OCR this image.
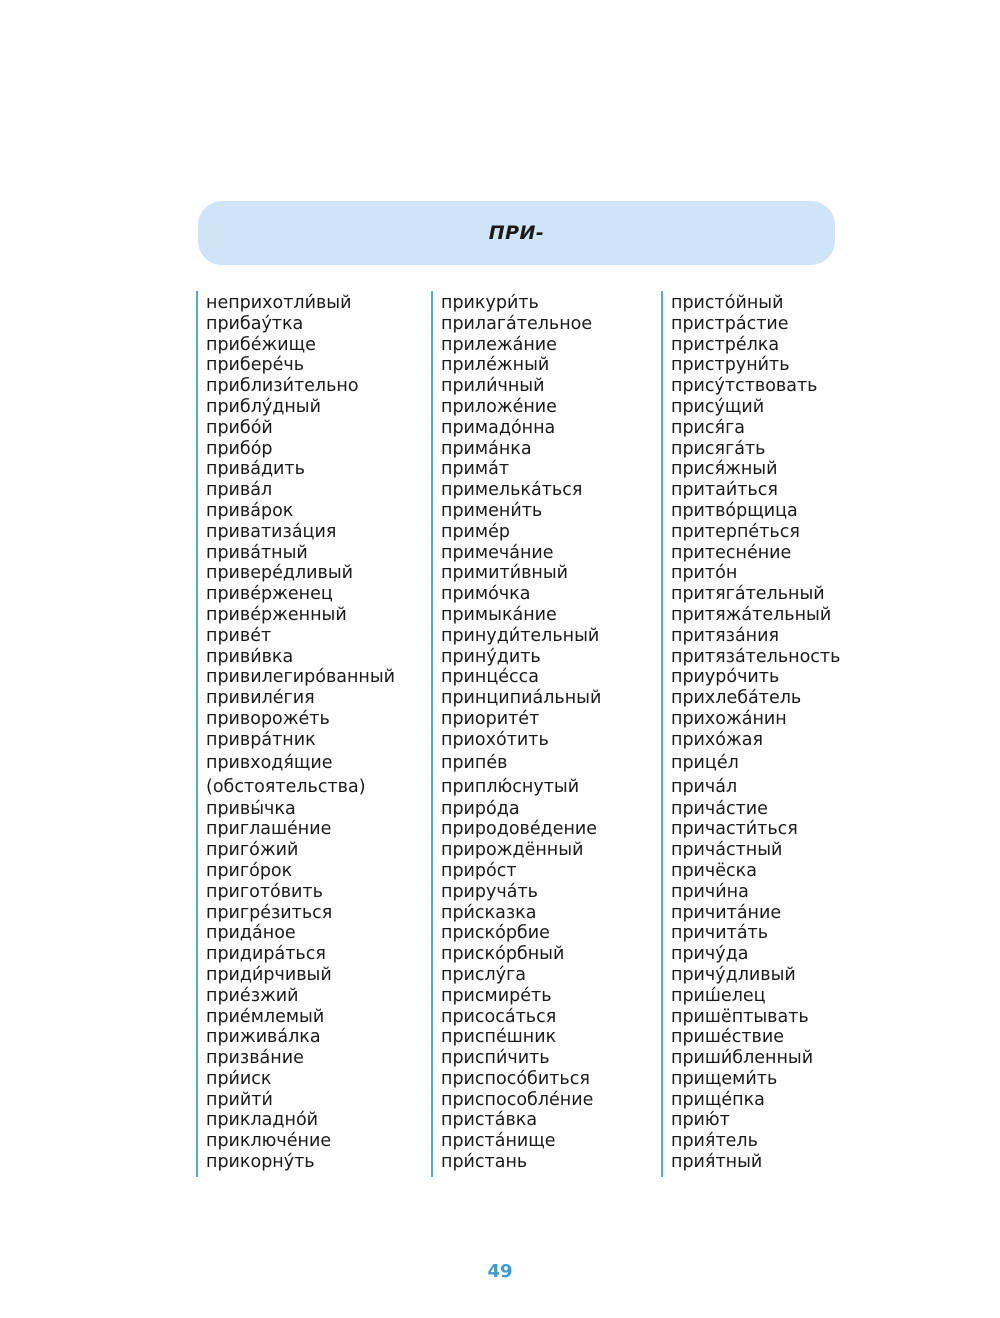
ПРИ-
неприхотли́вый
прибау́тка
прибе́жище
приберéчь
приблизи́тельно
приблу́дный
прибо́й
прибо́р
прива́дить
прива́л
прива́рок
приватиза́ция
прива́тный
приверéдливый
приве́рженец
приве́рженный
приве́т
приви́вка
привилегиро́ванный
привиле́гия
привороже́ть
привра́тник
привходя́щие
(обстоятельства)
привы́чка
приглаше́ние
приго́жий
приго́рок
пригото́вить
пригре́зиться
прида́ное
придира́ться
приди́рчивый
прие́зжий
прие́млемый
прижива́лка
призва́ние
при́иск
прийти́
прикладно́й
приключе́ние
прикорну́ть
прикури́ть
прилага́тельное
прилежа́ние
приле́жный
прили́чный
приложе́ние
примадо́нна
прима́нка
прима́т
примелька́ться
примени́ть
приме́р
примеча́ние
примити́вный
примо́чка
примыка́ние
принуди́тельный
прину́дить
принце́сса
принципиа́льный
приорите́т
приохо́тить
припе́в
приплю́снутый
приро́да
природове́дение
прирождённый
приро́ст
прируча́ть
при́сказка
прискóрбие
прискóрбный
прислу́га
присмире́ть
присоса́ться
приспе́шник
приспи́чить
приспосо́биться
приспособле́ние
приста́вка
приста́нище
при́стань
присто́йный
пристра́стие
пристре́лка
приструни́ть
прису́тствовать
прису́щий
прися́га
присяга́ть
прися́жный
притаи́ться
притво́рщица
притерпе́ться
притесне́ние
прито́н
притяга́тельный
притяжа́тельный
притяза́ния
притяза́тельность
приуро́чить
прихлеба́тель
прихожа́нин
прихо́жая
прице́л
прича́л
прича́стие
причасти́ться
прича́стный
причёска
причи́на
причита́ние
причита́ть
причу́да
причу́дливый
приш́елец
пришёптывать
прише́ствие
приши́бленный
прищеми́ть
прище́пка
прию́т
прия́тель
прия́тный
49
